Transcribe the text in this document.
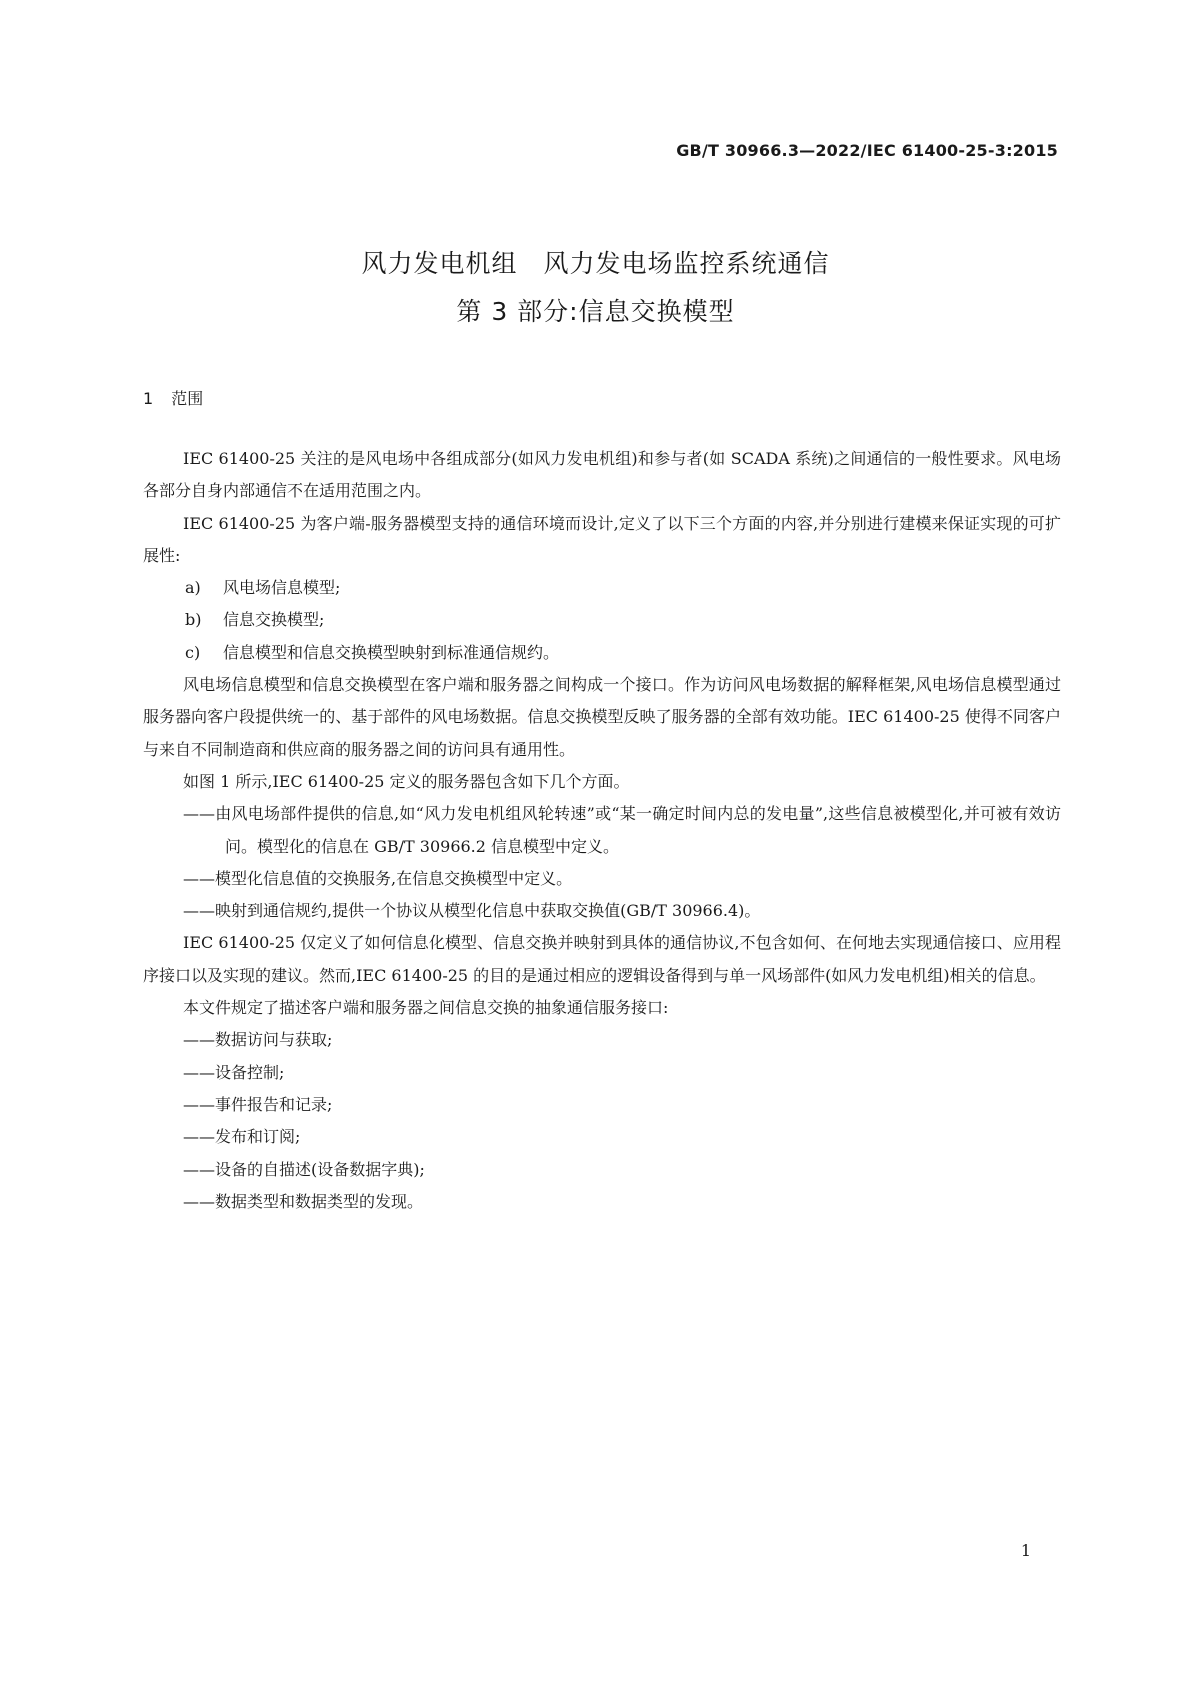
GB/T 30966.3—2022/IEC 61400-25-3:2015
风力发电机组　风力发电场监控系统通信
第 3 部分:信息交换模型
1 范围

IEC 61400-25 关注的是风电场中各组成部分(如风力发电机组)和参与者(如 SCADA 系统)之间通信的一般性要求。风电场各部分自身内部通信不在适用范围之内。

IEC 61400-25 为客户端-服务器模型支持的通信环境而设计,定义了以下三个方面的内容,并分别进行建模来保证实现的可扩展性:

a) 风电场信息模型;

b) 信息交换模型;

c) 信息模型和信息交换模型映射到标准通信规约。

风电场信息模型和信息交换模型在客户端和服务器之间构成一个接口。作为访问风电场数据的解释框架,风电场信息模型通过服务器向客户段提供统一的、基于部件的风电场数据。信息交换模型反映了服务器的全部有效功能。IEC 61400-25 使得不同客户与来自不同制造商和供应商的服务器之间的访问具有通用性。

如图 1 所示,IEC 61400-25 定义的服务器包含如下几个方面。

——由风电场部件提供的信息,如“风力发电机组风轮转速”或“某一确定时间内总的发电量”,这些信息被模型化,并可被有效访问。模型化的信息在 GB/T 30966.2 信息模型中定义。

——模型化信息值的交换服务,在信息交换模型中定义。

——映射到通信规约,提供一个协议从模型化信息中获取交换值(GB/T 30966.4)。

IEC 61400-25 仅定义了如何信息化模型、信息交换并映射到具体的通信协议,不包含如何、在何地去实现通信接口、应用程序接口以及实现的建议。然而,IEC 61400-25 的目的是通过相应的逻辑设备得到与单一风场部件(如风力发电机组)相关的信息。

本文件规定了描述客户端和服务器之间信息交换的抽象通信服务接口:

——数据访问与获取;

——设备控制;

——事件报告和记录;

——发布和订阅;

——设备的自描述(设备数据字典);

——数据类型和数据类型的发现。

1
